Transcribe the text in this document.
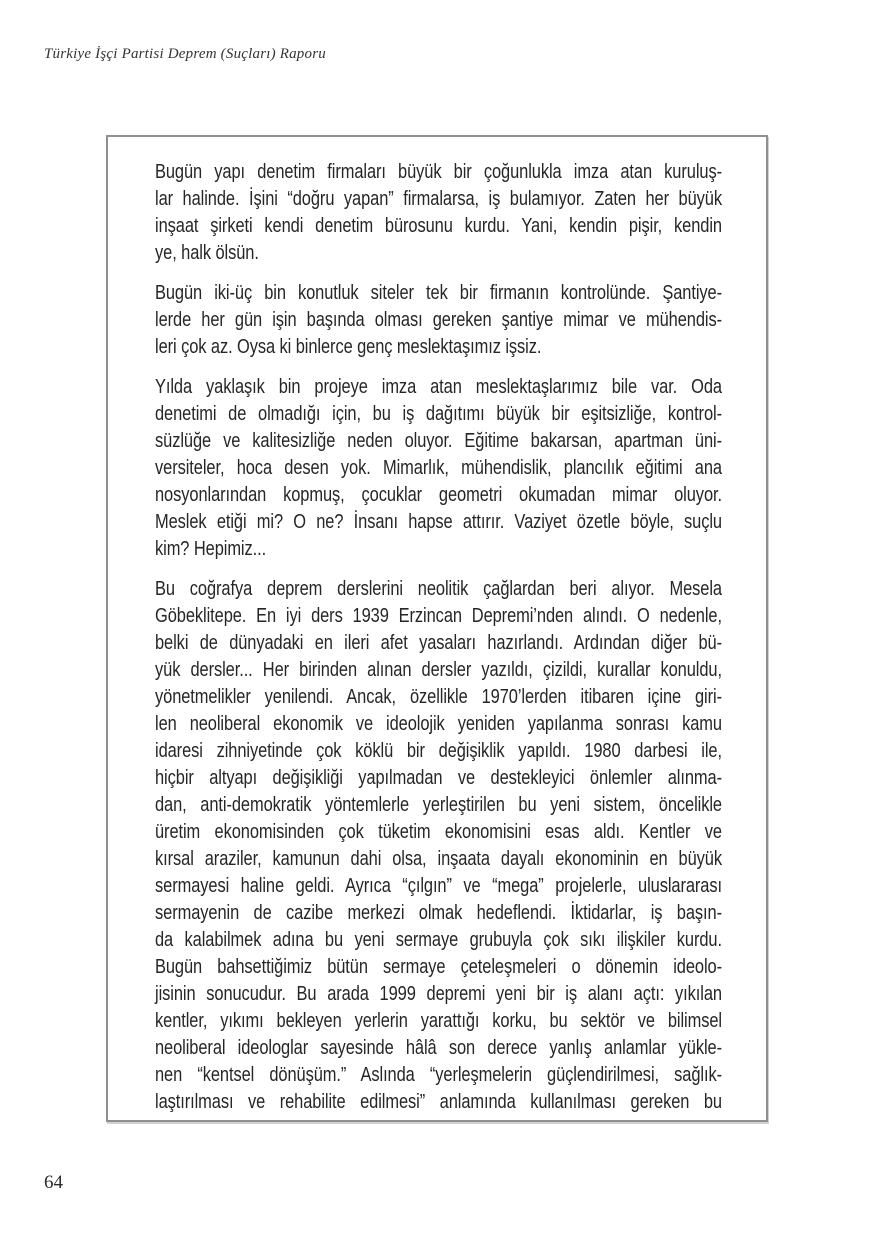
Türkiye İşçi Partisi Deprem (Suçları) Raporu
Bugün yapı denetim firmaları büyük bir çoğunlukla imza atan kuruluş-
lar halinde. İşini “doğru yapan” firmalarsa, iş bulamıyor. Zaten her büyük
inşaat şirketi kendi denetim bürosunu kurdu. Yani, kendin pişir, kendin
ye, halk ölsün.
Bugün iki-üç bin konutluk siteler tek bir firmanın kontrolünde. Şantiye-
lerde her gün işin başında olması gereken şantiye mimar ve mühendis-
leri çok az. Oysa ki binlerce genç meslektaşımız işsiz.
Yılda yaklaşık bin projeye imza atan meslektaşlarımız bile var. Oda
denetimi de olmadığı için, bu iş dağıtımı büyük bir eşitsizliğe, kontrol-
süzlüğe ve kalitesizliğe neden oluyor. Eğitime bakarsan, apartman üni-
versiteler, hoca desen yok. Mimarlık, mühendislik, plancılık eğitimi ana
nosyonlarından kopmuş, çocuklar geometri okumadan mimar oluyor.
Meslek etiği mi? O ne? İnsanı hapse attırır. Vaziyet özetle böyle, suçlu
kim? Hepimiz...
Bu coğrafya deprem derslerini neolitik çağlardan beri alıyor. Mesela
Göbeklitepe. En iyi ders 1939 Erzincan Depremi’nden alındı. O nedenle,
belki de dünyadaki en ileri afet yasaları hazırlandı. Ardından diğer bü-
yük dersler... Her birinden alınan dersler yazıldı, çizildi, kurallar konuldu,
yönetmelikler yenilendi. Ancak, özellikle 1970’lerden itibaren içine giri-
len neoliberal ekonomik ve ideolojik yeniden yapılanma sonrası kamu
idaresi zihniyetinde çok köklü bir değişiklik yapıldı. 1980 darbesi ile,
hiçbir altyapı değişikliği yapılmadan ve destekleyici önlemler alınma-
dan, anti-demokratik yöntemlerle yerleştirilen bu yeni sistem, öncelikle
üretim ekonomisinden çok tüketim ekonomisini esas aldı. Kentler ve
kırsal araziler, kamunun dahi olsa, inşaata dayalı ekonominin en büyük
sermayesi haline geldi. Ayrıca “çılgın” ve “mega” projelerle, uluslararası
sermayenin de cazibe merkezi olmak hedeflendi. İktidarlar, iş başın-
da kalabilmek adına bu yeni sermaye grubuyla çok sıkı ilişkiler kurdu.
Bugün bahsettiğimiz bütün sermaye çeteleşmeleri o dönemin ideolo-
jisinin sonucudur. Bu arada 1999 depremi yeni bir iş alanı açtı: yıkılan
kentler, yıkımı bekleyen yerlerin yarattığı korku, bu sektör ve bilimsel
neoliberal ideologlar sayesinde hâlâ son derece yanlış anlamlar yükle-
nen “kentsel dönüşüm.” Aslında “yerleşmelerin güçlendirilmesi, sağlık-
laştırılması ve rehabilite edilmesi” anlamında kullanılması gereken bu
64
